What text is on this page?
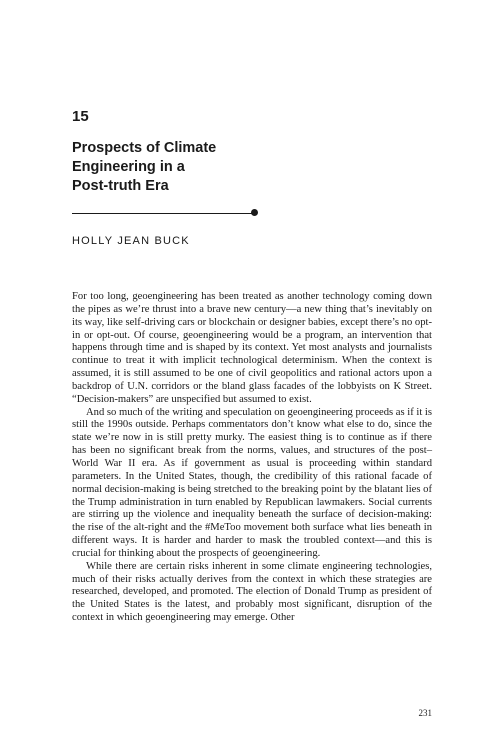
15
Prospects of Climate
Engineering in a
Post-truth Era
HOLLY JEAN BUCK

For too long, geoengineering has been treated as another technology coming down the pipes as we’re thrust into a brave new century—a new thing that’s inevitably on its way, like self-driving cars or blockchain or designer babies, except there’s no opt-in or opt-out. Of course, geoengineering would be a program, an intervention that happens through time and is shaped by its context. Yet most analysts and journalists continue to treat it with implicit technological determinism. When the context is assumed, it is still assumed to be one of civil geopolitics and rational actors upon a backdrop of U.N. corridors or the bland glass facades of the lobbyists on K Street. “Decision-makers” are unspecified but assumed to exist.

And so much of the writing and speculation on geoengineering proceeds as if it is still the 1990s outside. Perhaps commentators don’t know what else to do, since the state we’re now in is still pretty murky. The easiest thing is to continue as if there has been no significant break from the norms, values, and structures of the post–World War II era. As if government as usual is proceeding within standard parameters. In the United States, though, the credibility of this rational facade of normal decision-making is being stretched to the breaking point by the blatant lies of the Trump administration in turn enabled by Republican lawmakers. Social currents are stirring up the violence and inequality beneath the surface of decision-making: the rise of the alt-right and the #MeToo movement both surface what lies beneath in different ways. It is harder and harder to mask the troubled context—and this is crucial for thinking about the prospects of geoengineering.

While there are certain risks inherent in some climate engineering technologies, much of their risks actually derives from the context in which these strategies are researched, developed, and promoted. The election of Donald Trump as president of the United States is the latest, and probably most significant, disruption of the context in which geoengineering may emerge. Other

231
